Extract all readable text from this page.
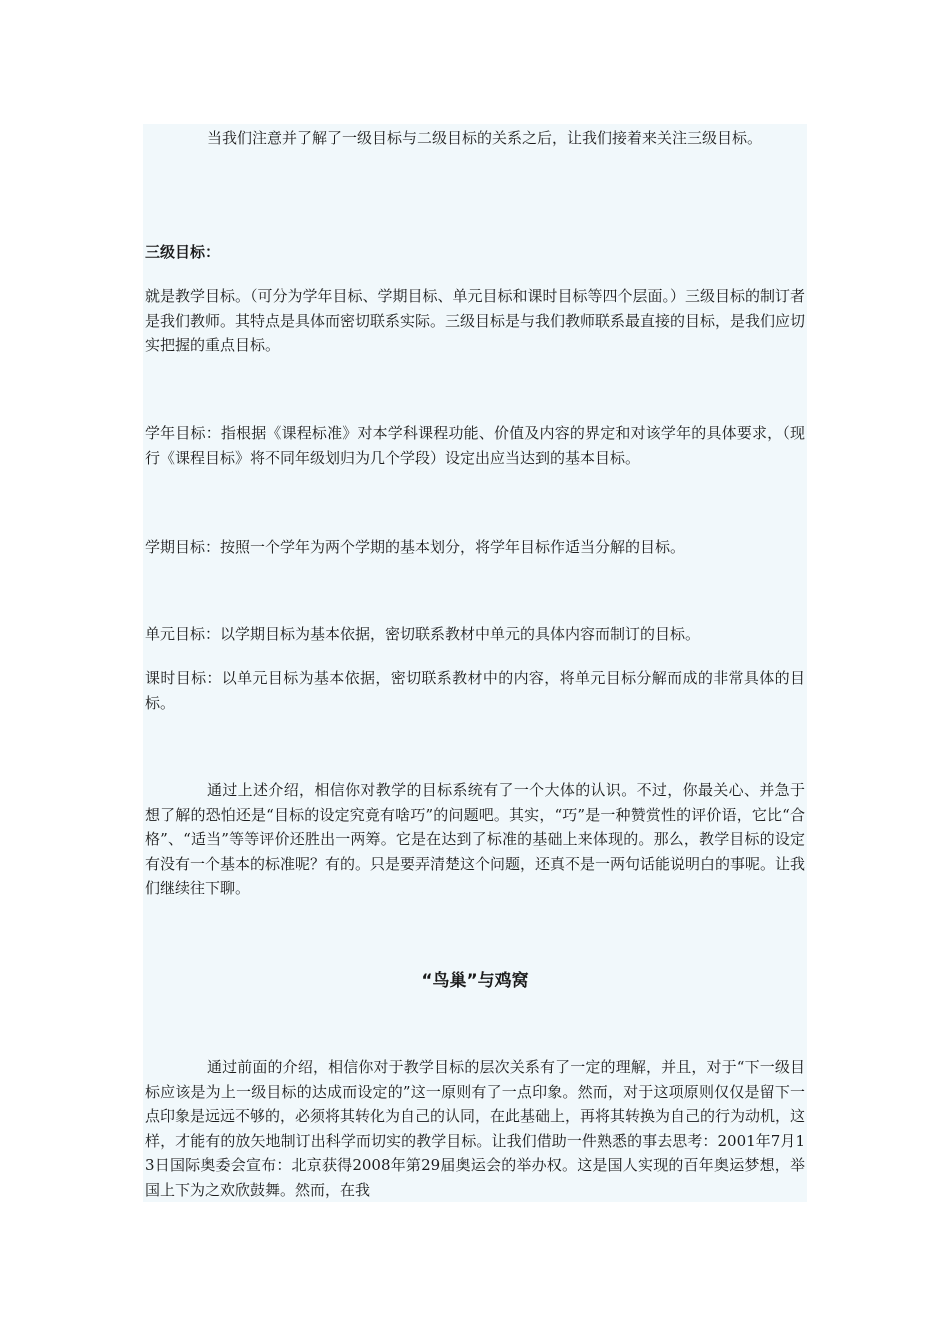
当我们注意并了解了一级目标与二级目标的关系之后，让我们接着来关注三级目标。

三级目标：

就是教学目标。（可分为学年目标、学期目标、单元目标和课时目标等四个层面。）三级目标的制订者是我们教师。其特点是具体而密切联系实际。三级目标是与我们教师联系最直接的目标，是我们应切实把握的重点目标。

学年目标：指根据《课程标准》对本学科课程功能、价值及内容的界定和对该学年的具体要求，（现行《课程目标》将不同年级划归为几个学段）设定出应当达到的基本目标。

学期目标：按照一个学年为两个学期的基本划分，将学年目标作适当分解的目标。

单元目标：以学期目标为基本依据，密切联系教材中单元的具体内容而制订的目标。

课时目标：以单元目标为基本依据，密切联系教材中的内容，将单元目标分解而成的非常具体的目标。

通过上述介绍，相信你对教学的目标系统有了一个大体的认识。不过，你最关心、并急于想了解的恐怕还是“目标的设定究竟有啥巧”的问题吧。其实，“巧”是一种赞赏性的评价语，它比“合格”、“适当”等等评价还胜出一两筹。它是在达到了标准的基础上来体现的。那么，教学目标的设定有没有一个基本的标准呢？有的。只是要弄清楚这个问题，还真不是一两句话能说明白的事呢。让我们继续往下聊。

“鸟巢”与鸡窝

通过前面的介绍，相信你对于教学目标的层次关系有了一定的理解，并且，对于“下一级目标应该是为上一级目标的达成而设定的”这一原则有了一点印象。然而，对于这项原则仅仅是留下一点印象是远远不够的，必须将其转化为自己的认同，在此基础上，再将其转换为自己的行为动机，这样，才能有的放矢地制订出科学而切实的教学目标。让我们借助一件熟悉的事去思考：2001年7月13日国际奥委会宣布：北京获得2008年第29届奥运会的举办权。这是国人实现的百年奥运梦想，举国上下为之欢欣鼓舞。然而，在我
